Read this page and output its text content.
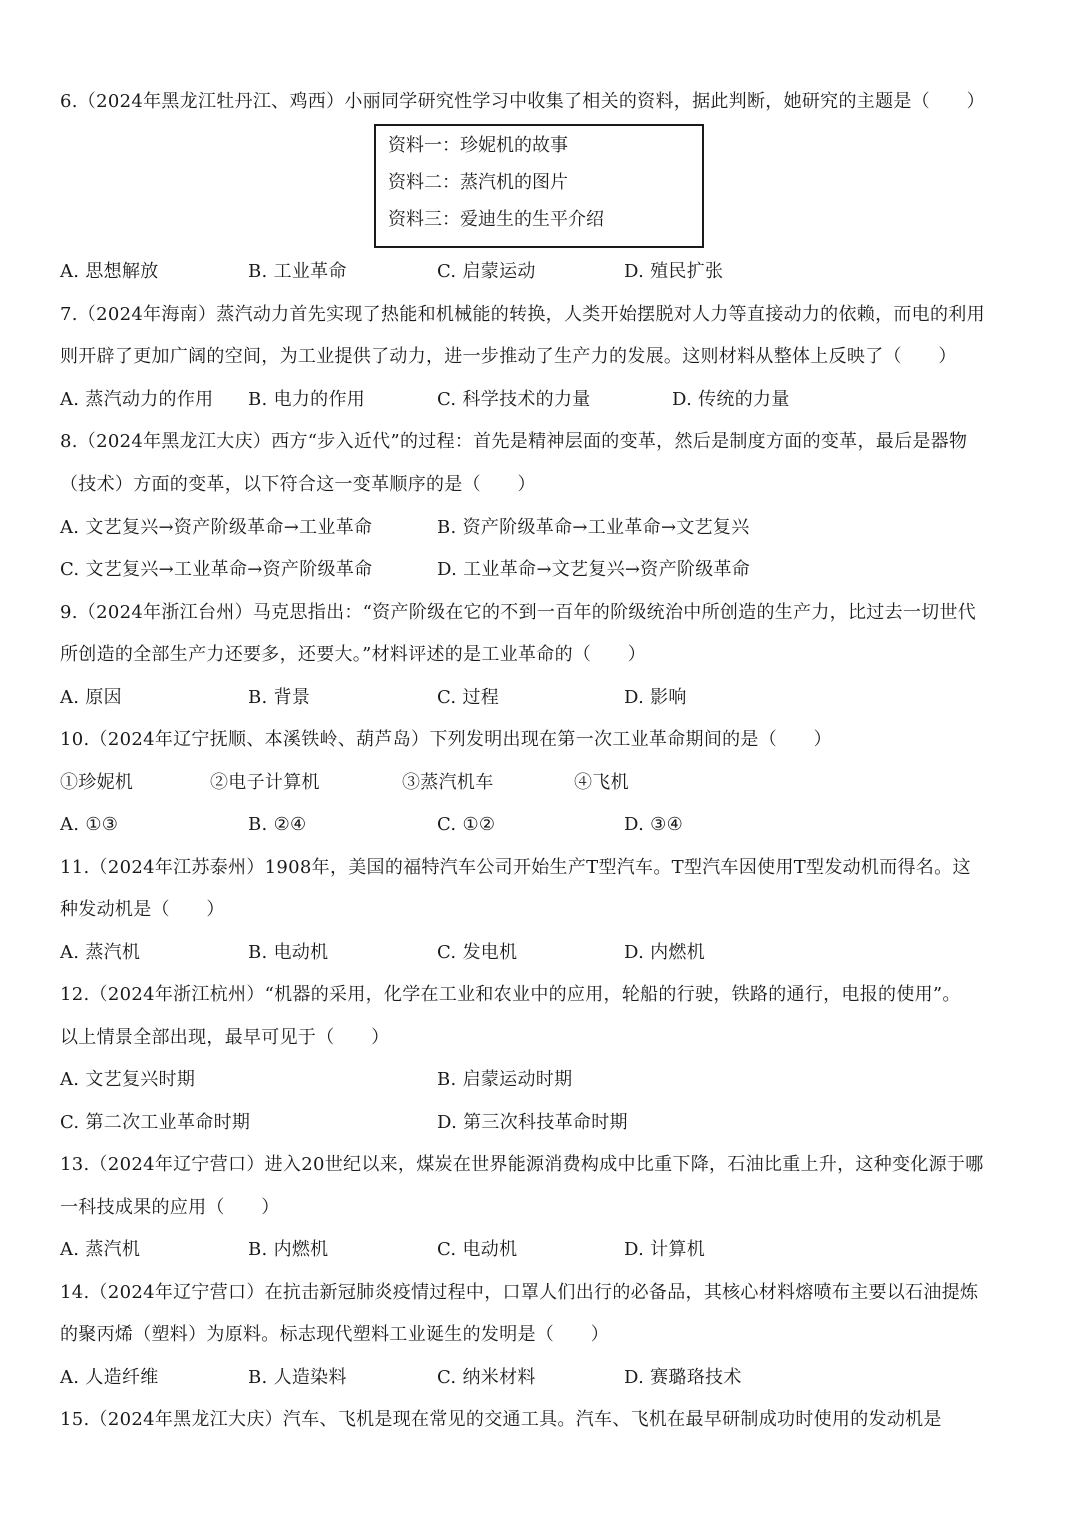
6.（2024年黑龙江牡丹江、鸡西）小丽同学研究性学习中收集了相关的资料，据此判断，她研究的主题是（　　）
资料一：珍妮机的故事
资料二：蒸汽机的图片
资料三：爱迪生的生平介绍
A. 思想解放	B. 工业革命	C. 启蒙运动	D. 殖民扩张
7.（2024年海南）蒸汽动力首先实现了热能和机械能的转换，人类开始摆脱对人力等直接动力的依赖，而电的利用
则开辟了更加广阔的空间，为工业提供了动力，进一步推动了生产力的发展。这则材料从整体上反映了（　　）
A. 蒸汽动力的作用 B. 电力的作用	C. 科学技术的力量	D. 传统的力量
8.（2024年黑龙江大庆）西方“步入近代”的过程：首先是精神层面的变革，然后是制度方面的变革，最后是器物
（技术）方面的变革，以下符合这一变革顺序的是（　　）
A. 文艺复兴→资产阶级革命→工业革命	B. 资产阶级革命→工业革命→文艺复兴
C. 文艺复兴→工业革命→资产阶级革命	D. 工业革命→文艺复兴→资产阶级革命
9.（2024年浙江台州）马克思指出：“资产阶级在它的不到一百年的阶级统治中所创造的生产力，比过去一切世代
所创造的全部生产力还要多，还要大。”材料评述的是工业革命的（　　）
A. 原因	B. 背景	C. 过程	D. 影响
10.（2024年辽宁抚顺、本溪铁岭、葫芦岛）下列发明出现在第一次工业革命期间的是（　　）
①珍妮机	②电子计算机	③蒸汽机车	④飞机
A. ①③	B. ②④	C. ①②	D. ③④
11.（2024年江苏泰州）1908年，美国的福特汽车公司开始生产T型汽车。T型汽车因使用T型发动机而得名。这
种发动机是（　　）
A. 蒸汽机	B. 电动机	C. 发电机	D. 内燃机
12.（2024年浙江杭州）“机器的采用，化学在工业和农业中的应用，轮船的行驶，铁路的通行，电报的使用”。
以上情景全部出现，最早可见于（　　）
A. 文艺复兴时期	B. 启蒙运动时期
C. 第二次工业革命时期	D. 第三次科技革命时期
13.（2024年辽宁营口）进入20世纪以来，煤炭在世界能源消费构成中比重下降，石油比重上升，这种变化源于哪
一科技成果的应用（　　）
A. 蒸汽机	B. 内燃机	C. 电动机	D. 计算机
14.（2024年辽宁营口）在抗击新冠肺炎疫情过程中，口罩人们出行的必备品，其核心材料熔喷布主要以石油提炼
的聚丙烯（塑料）为原料。标志现代塑料工业诞生的发明是（　　）
A. 人造纤维	B. 人造染料	C. 纳米材料	D. 赛璐珞技术
15.（2024年黑龙江大庆）汽车、飞机是现在常见的交通工具。汽车、飞机在最早研制成功时使用的发动机是
